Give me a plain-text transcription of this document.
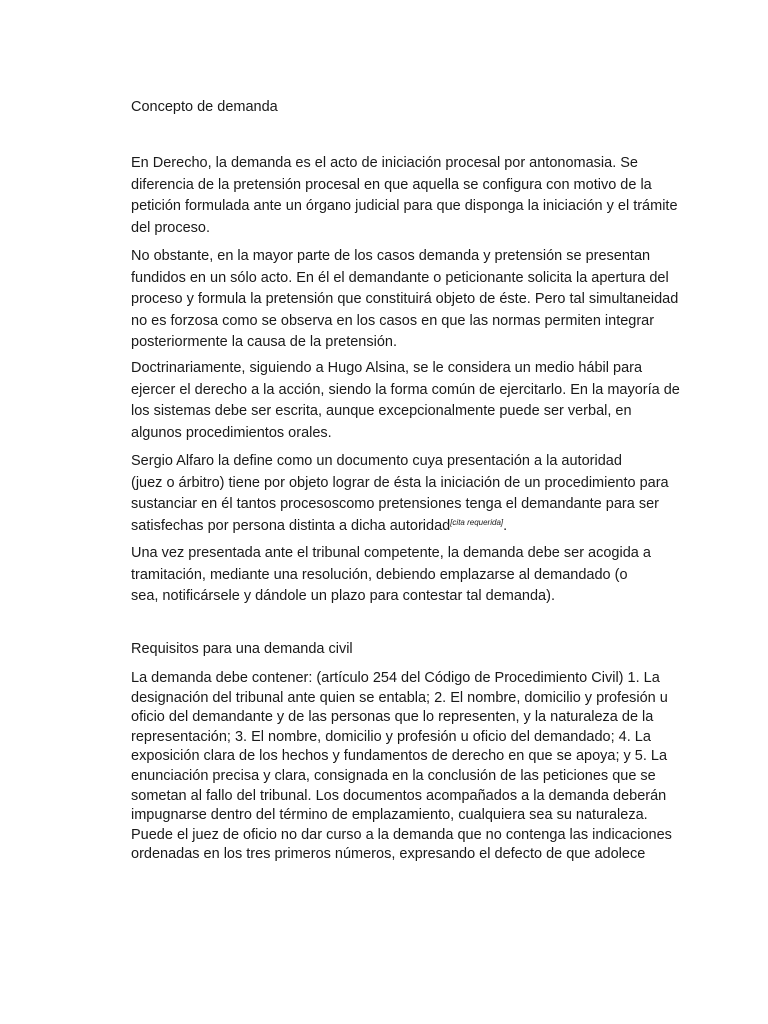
Concepto de demanda
En Derecho, la demanda es el acto de iniciación procesal por antonomasia. Se
diferencia de la pretensión procesal en que aquella se configura con motivo de la
petición formulada ante un órgano judicial para que disponga la iniciación y el trámite
del proceso.
No obstante, en la mayor parte de los casos demanda y pretensión se presentan
fundidos en un sólo acto. En él el demandante o peticionante solicita la apertura del
proceso y formula la pretensión que constituirá objeto de éste. Pero tal simultaneidad
no es forzosa como se observa en los casos en que las normas permiten integrar
posteriormente la causa de la pretensión.
Doctrinariamente, siguiendo a Hugo Alsina, se le considera un medio hábil para
ejercer el derecho a la acción, siendo la forma común de ejercitarlo. En la mayoría de
los sistemas debe ser escrita, aunque excepcionalmente puede ser verbal, en
algunos procedimientos orales.
Sergio Alfaro la define como un documento cuya presentación a la autoridad
(juez o árbitro) tiene por objeto lograr de ésta la iniciación de un procedimiento para
sustanciar en él tantos procesoscomo pretensiones tenga el demandante para ser
satisfechas por persona distinta a dicha autoridad[cita requerida].
Una vez presentada ante el tribunal competente, la demanda debe ser acogida a
tramitación, mediante una resolución, debiendo emplazarse al demandado (o
sea, notificársele y dándole un plazo para contestar tal demanda).
Requisitos para una demanda civil
La demanda debe contener: (artículo 254 del Código de Procedimiento Civil) 1. La
designación del tribunal ante quien se entabla; 2. El nombre, domicilio y profesión u
oficio del demandante y de las personas que lo representen, y la naturaleza de la
representación; 3. El nombre, domicilio y profesión u oficio del demandado; 4. La
exposición clara de los hechos y fundamentos de derecho en que se apoya; y 5. La
enunciación precisa y clara, consignada en la conclusión de las peticiones que se
sometan al fallo del tribunal. Los documentos acompañados a la demanda deberán
impugnarse dentro del término de emplazamiento, cualquiera sea su naturaleza.
Puede el juez de oficio no dar curso a la demanda que no contenga las indicaciones
ordenadas en los tres primeros números, expresando el defecto de que adolece
